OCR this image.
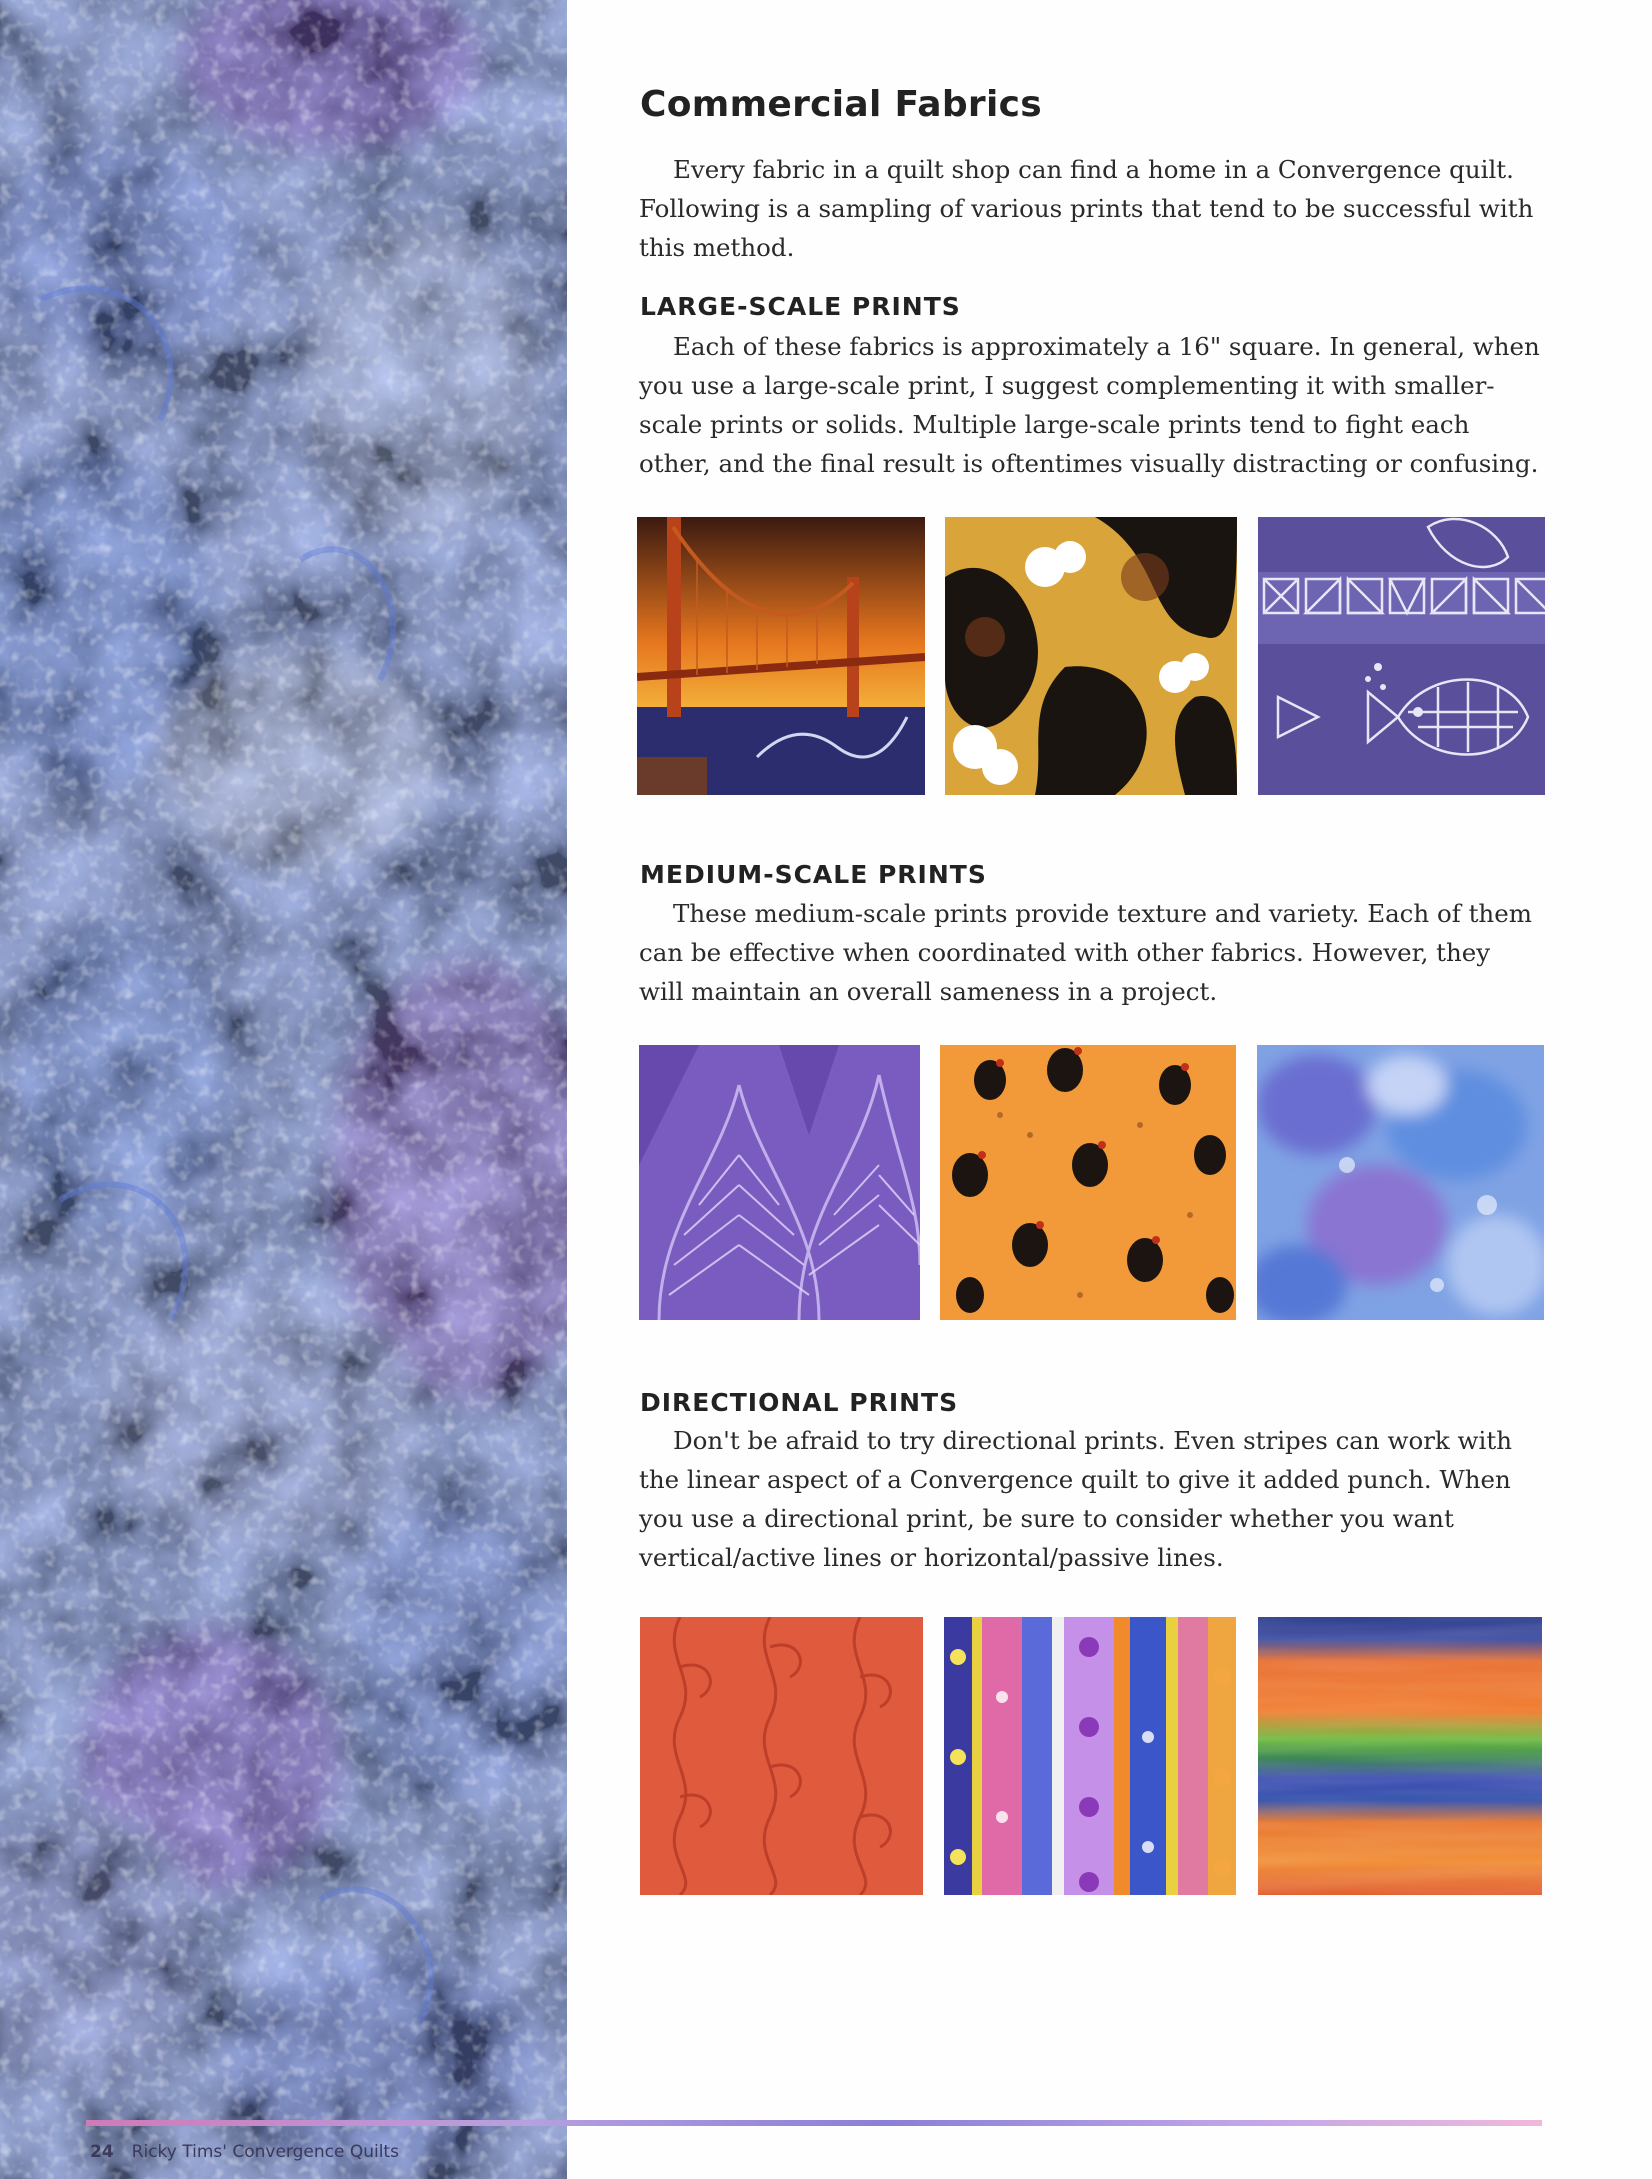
Commercial Fabrics

Every fabric in a quilt shop can find a home in a Convergence quilt. Following is a sampling of various prints that tend to be successful with this method.

LARGE-SCALE PRINTS

Each of these fabrics is approximately a 16" square. In general, when you use a large-scale print, I suggest complementing it with smaller-scale prints or solids. Multiple large-scale prints tend to fight each other, and the final result is oftentimes visually distracting or confusing.

MEDIUM-SCALE PRINTS

These medium-scale prints provide texture and variety. Each of them can be effective when coordinated with other fabrics. However, they will maintain an overall sameness in a project.

DIRECTIONAL PRINTS

Don't be afraid to try directional prints. Even stripes can work with the linear aspect of a Convergence quilt to give it added punch. When you use a directional print, be sure to consider whether you want vertical/active lines or horizontal/passive lines.

24 Ricky Tims' Convergence Quilts
